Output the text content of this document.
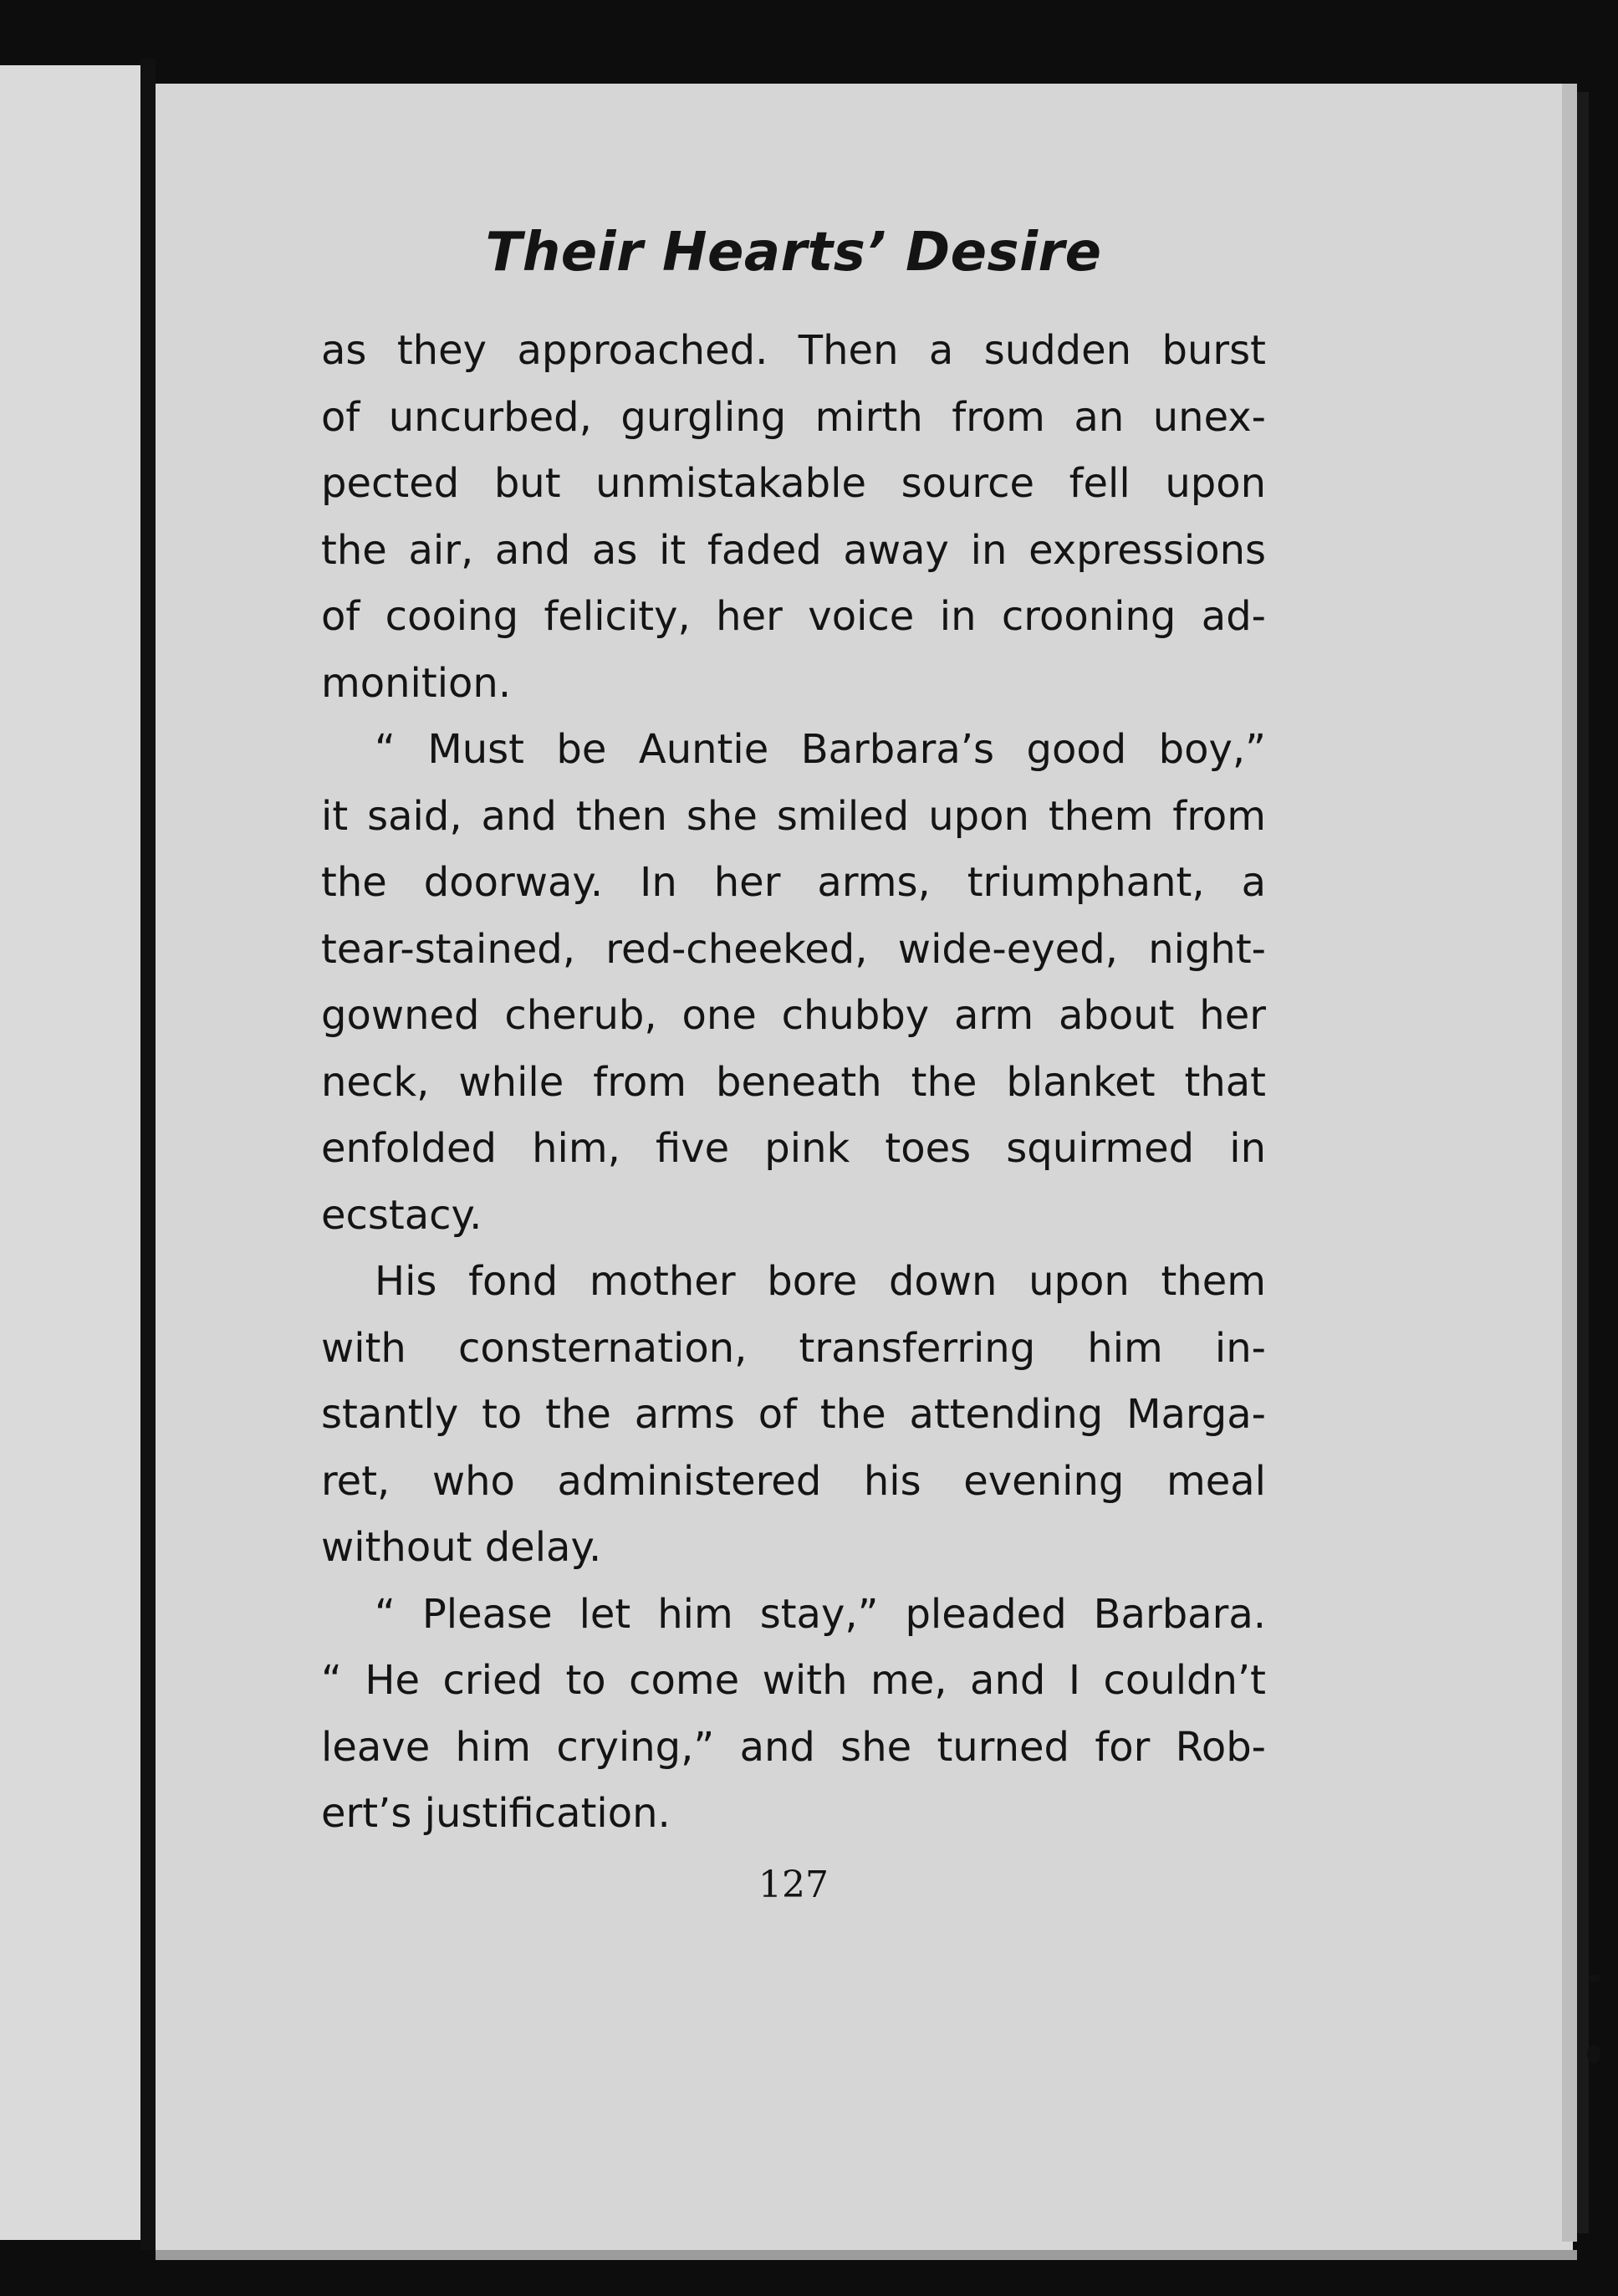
Their Hearts’ Desire
as they approached. Then a sudden burst
of uncurbed, gurgling mirth from an unex-
pected but unmistakable source fell upon
the air, and as it faded away in expressions
of cooing felicity, her voice in crooning ad-
monition.
“ Must be Auntie Barbara’s good boy,”
it said, and then she smiled upon them from
the doorway. In her arms, triumphant, a
tear-stained, red-cheeked, wide-eyed, night-
gowned cherub, one chubby arm about her
neck, while from beneath the blanket that
enfolded him, five pink toes squirmed in
ecstacy.
His fond mother bore down upon them
with consternation, transferring him in-
stantly to the arms of the attending Marga-
ret, who administered his evening meal
without delay.
“ Please let him stay,” pleaded Barbara.
“ He cried to come with me, and I couldn’t
leave him crying,” and she turned for Rob-
ert’s justification.
127
